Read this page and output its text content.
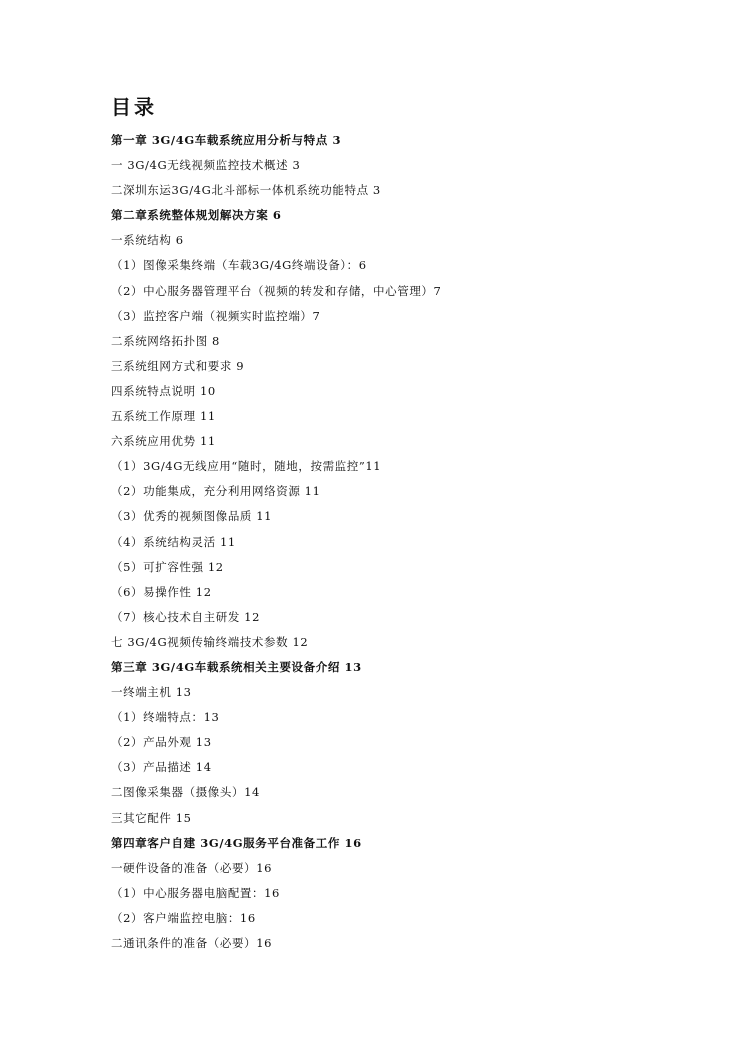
目录
第一章 3G/4G车载系统应用分析与特点 3
一 3G/4G无线视频监控技术概述 3
二深圳东运3G/4G北斗部标一体机系统功能特点 3
第二章系统整体规划解决方案 6
一系统结构 6
（1）图像采集终端（车载3G/4G终端设备）：6
（2）中心服务器管理平台（视频的转发和存储，中心管理）7
（3）监控客户端（视频实时监控端）7
二系统网络拓扑图 8
三系统组网方式和要求 9
四系统特点说明 10
五系统工作原理 11
六系统应用优势 11
（1）3G/4G无线应用“随时，随地，按需监控”11
（2）功能集成，充分利用网络资源 11
（3）优秀的视频图像品质 11
（4）系统结构灵活 11
（5）可扩容性强 12
（6）易操作性 12
（7）核心技术自主研发 12
七 3G/4G视频传输终端技术参数 12
第三章 3G/4G车载系统相关主要设备介绍 13
一终端主机 13
（1）终端特点：13
（2）产品外观 13
（3）产品描述 14
二图像采集器（摄像头）14
三其它配件 15
第四章客户自建 3G/4G服务平台准备工作 16
一硬件设备的准备（必要）16
（1）中心服务器电脑配置：16
（2）客户端监控电脑：16
二通讯条件的准备（必要）16
